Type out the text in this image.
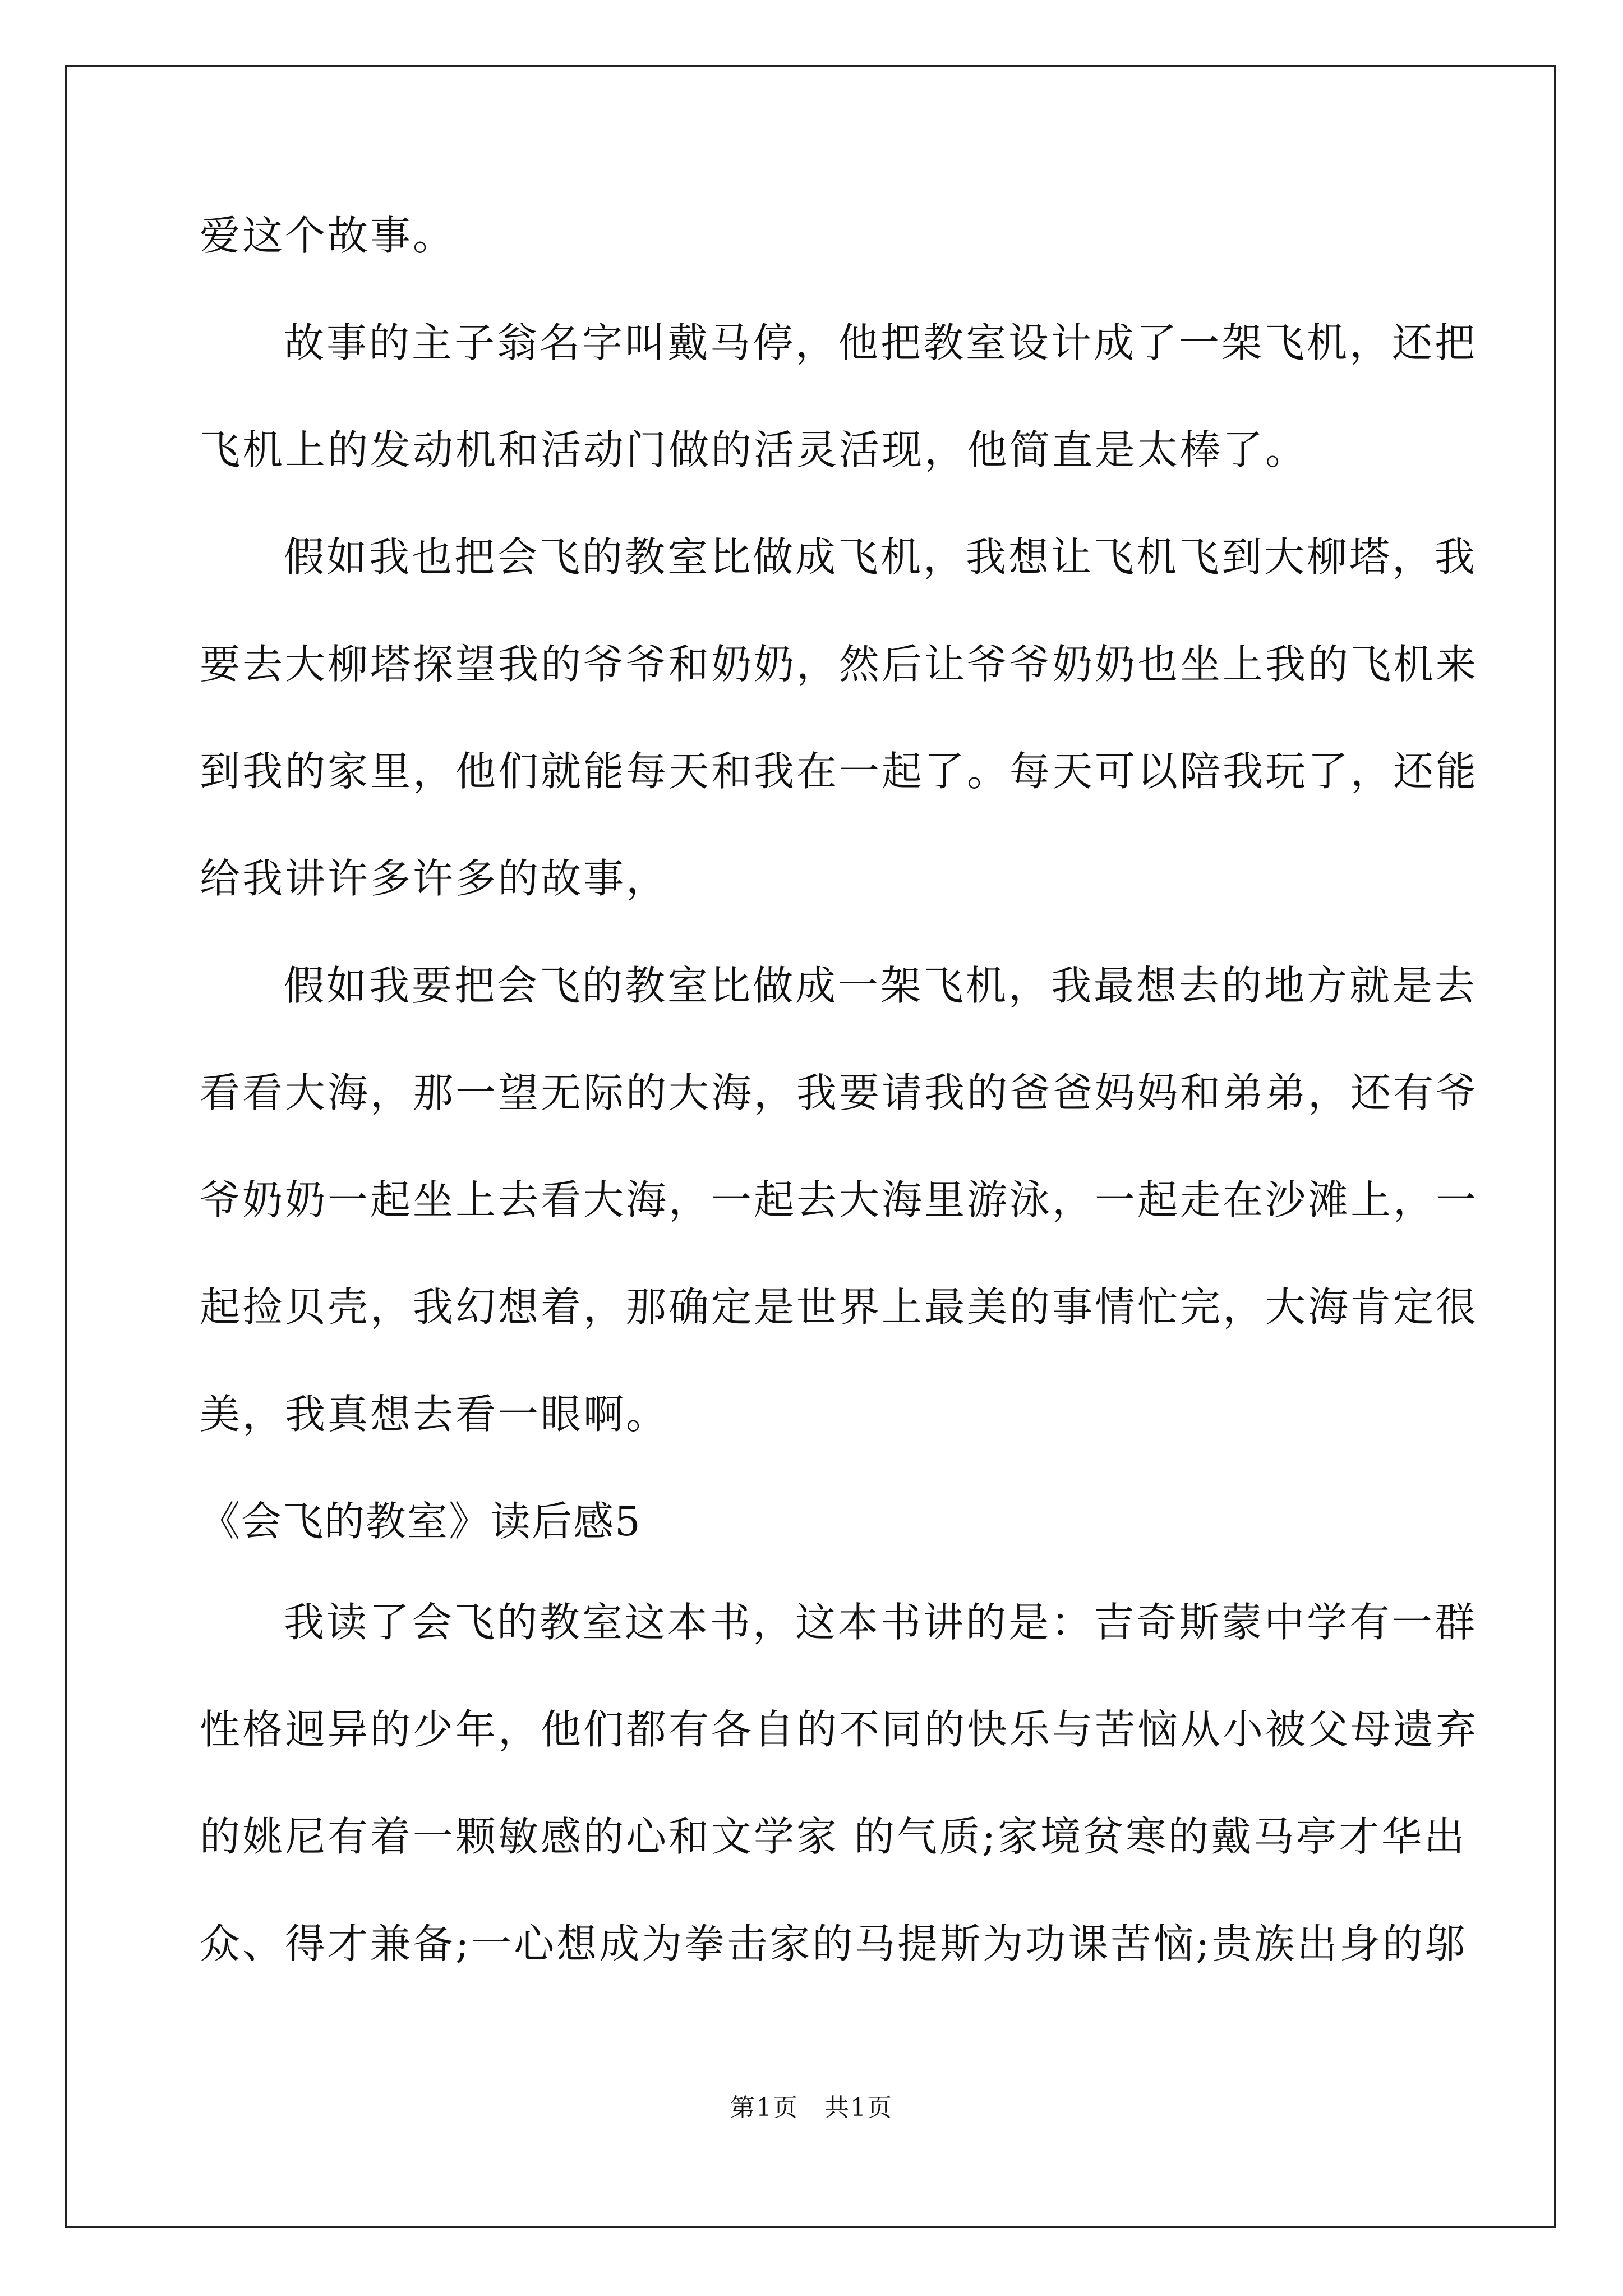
爱这个故事。
故事的主子翁名字叫戴马停，他把教室设计成了一架飞机，还把
飞机上的发动机和活动门做的活灵活现，他简直是太棒了。
假如我也把会飞的教室比做成飞机，我想让飞机飞到大柳塔，我
要去大柳塔探望我的爷爷和奶奶，然后让爷爷奶奶也坐上我的飞机来
到我的家里，他们就能每天和我在一起了。每天可以陪我玩了，还能
给我讲许多许多的故事，
假如我要把会飞的教室比做成一架飞机，我最想去的地方就是去
看看大海，那一望无际的大海，我要请我的爸爸妈妈和弟弟，还有爷
爷奶奶一起坐上去看大海，一起去大海里游泳，一起走在沙滩上，一
起捡贝壳，我幻想着，那确定是世界上最美的事情忙完，大海肯定很
美，我真想去看一眼啊。
《会飞的教室》读后感5
我读了会飞的教室这本书，这本书讲的是：吉奇斯蒙中学有一群
性格迥异的少年，他们都有各自的不同的快乐与苦恼从小被父母遗弃
的姚尼有着一颗敏感的心和文学家 的气质;家境贫寒的戴马亭才华出
众、得才兼备;一心想成为拳击家的马提斯为功课苦恼;贵族出身的邬
第1页　共1页
